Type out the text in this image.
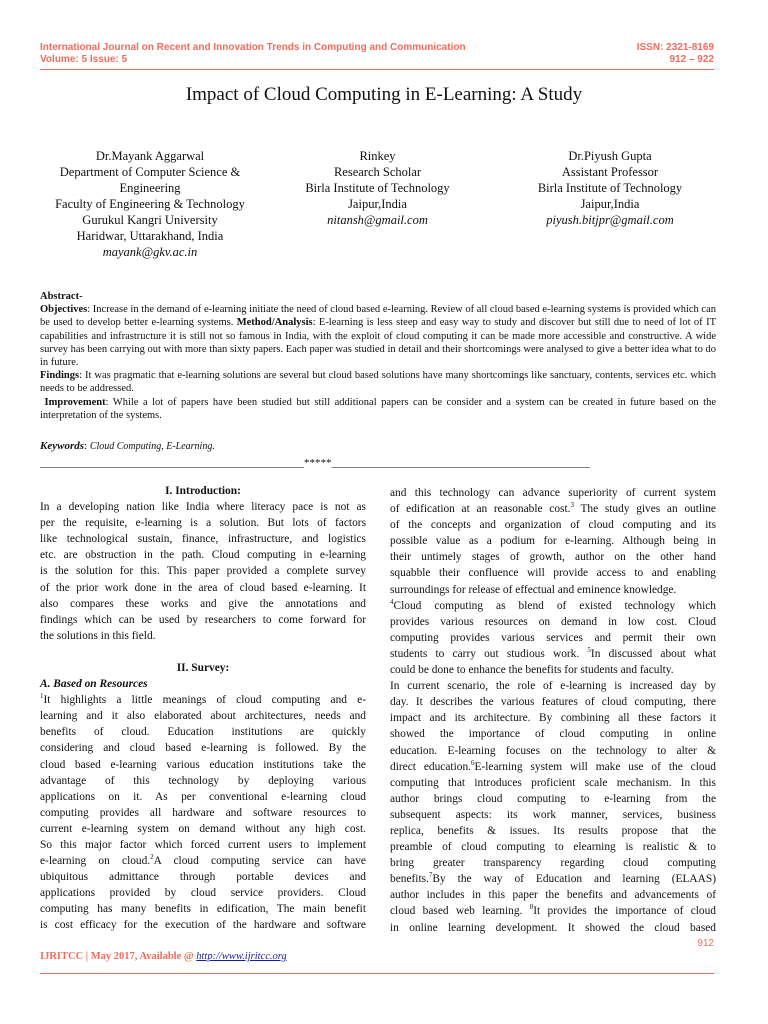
International Journal on Recent and Innovation Trends in Computing and Communication
Volume: 5 Issue: 5
ISSN: 2321-8169
912 – 922
Impact of Cloud Computing in E-Learning: A Study
Dr.Mayank Aggarwal
Department of Computer Science &
Engineering
Faculty of Engineering & Technology
Gurukul Kangri University
Haridwar, Uttarakhand, India
mayank@gkv.ac.in
Rinkey
Research Scholar
Birla Institute of Technology
Jaipur,India
nitansh@gmail.com
Dr.Piyush Gupta
Assistant Professor
Birla Institute of Technology
Jaipur,India
piyush.bitjpr@gmail.com

Abstract-

Objectives: Increase in the demand of e-learning initiate the need of cloud based e-learning. Review of all cloud based e-learning systems is provided which can be used to develop better e-learning systems. Method/Analysis: E-learning is less steep and easy way to study and discover but still due to need of lot of IT capabilities and infrastructure it is still not so famous in India, with the exploit of cloud computing it can be made more accessible and constructive. A wide survey has been carrying out with more than sixty papers. Each paper was studied in detail and their shortcomings were analysed to give a better idea what to do in future.

Findings: It was pragmatic that e-learning solutions are several but cloud based solutions have many shortcomings like sanctuary, contents, services etc. which needs to be addressed.

Improvement: While a lot of papers have been studied but still additional papers can be consider and a system can be created in future based on the interpretation of the systems.

Keywords: Cloud Computing, E-Learning.
________________________________________________*****_______________________________________________
I. Introduction:
In a developing nation like India where literacy pace is not as
per the requisite, e-learning is a solution. But lots of factors
like technological sustain, finance, infrastructure, and logistics
etc. are obstruction in the path. Cloud computing in e-learning
is the solution for this. This paper provided a complete survey
of the prior work done in the area of cloud based e-learning. It
also compares these works and give the annotations and
findings which can be used by researchers to come forward for
the solutions in this field.
II. Survey:
A. Based on Resources
$^1$It highlights a little meanings of cloud computing and e-
learning and it also elaborated about architectures, needs and
benefits of cloud. Education institutions are quickly
considering and cloud based e-learning is followed. By the
cloud based e-learning various education institutions take the
advantage of this technology by deploying various
applications on it. As per conventional e-learning cloud
computing provides all hardware and software resources to
current e-learning system on demand without any high cost.
So this major factor which forced current users to implement
e-learning on cloud.$^2$A cloud computing service can have
ubiquitous admittance through portable devices and
applications provided by cloud service providers. Cloud
computing has many benefits in edification, The main benefit
is cost efficacy for the execution of the hardware and software
and this technology can advance superiority of current system
of edification at an reasonable cost.$^3$ The study gives an outline
of the concepts and organization of cloud computing and its
possible value as a podium for e-learning. Although being in
their untimely stages of growth, author on the other hand
squabble their confluence will provide access to and enabling
surroundings for release of effectual and eminence knowledge.
$^4$Cloud computing as blend of existed technology which
provides various resources on demand in low cost. Cloud
computing provides various services and permit their own
students to carry out studious work. $^5$In discussed about what
could be done to enhance the benefits for students and faculty.
In current scenario, the role of e-learning is increased day by
day. It describes the various features of cloud computing, there
impact and its architecture. By combining all these factors it
showed the importance of cloud computing in online
education. E-learning focuses on the technology to alter &
direct education.$^6$E-learning system will make use of the cloud
computing that introduces proficient scale mechanism. In this
author brings cloud computing to e-learning from the
subsequent aspects: its work manner, services, business
replica, benefits & issues. Its results propose that the
preamble of cloud computing to elearning is realistic & to
bring greater transparency regarding cloud computing
benefits.$^7$By the way of Education and learning (ELAAS)
author includes in this paper the benefits and advancements of
cloud based web learning. $^8$It provides the importance of cloud
in online learning development. It showed the cloud based
912
IJRITCC | May 2017, Available @ http://www.ijritcc.org
